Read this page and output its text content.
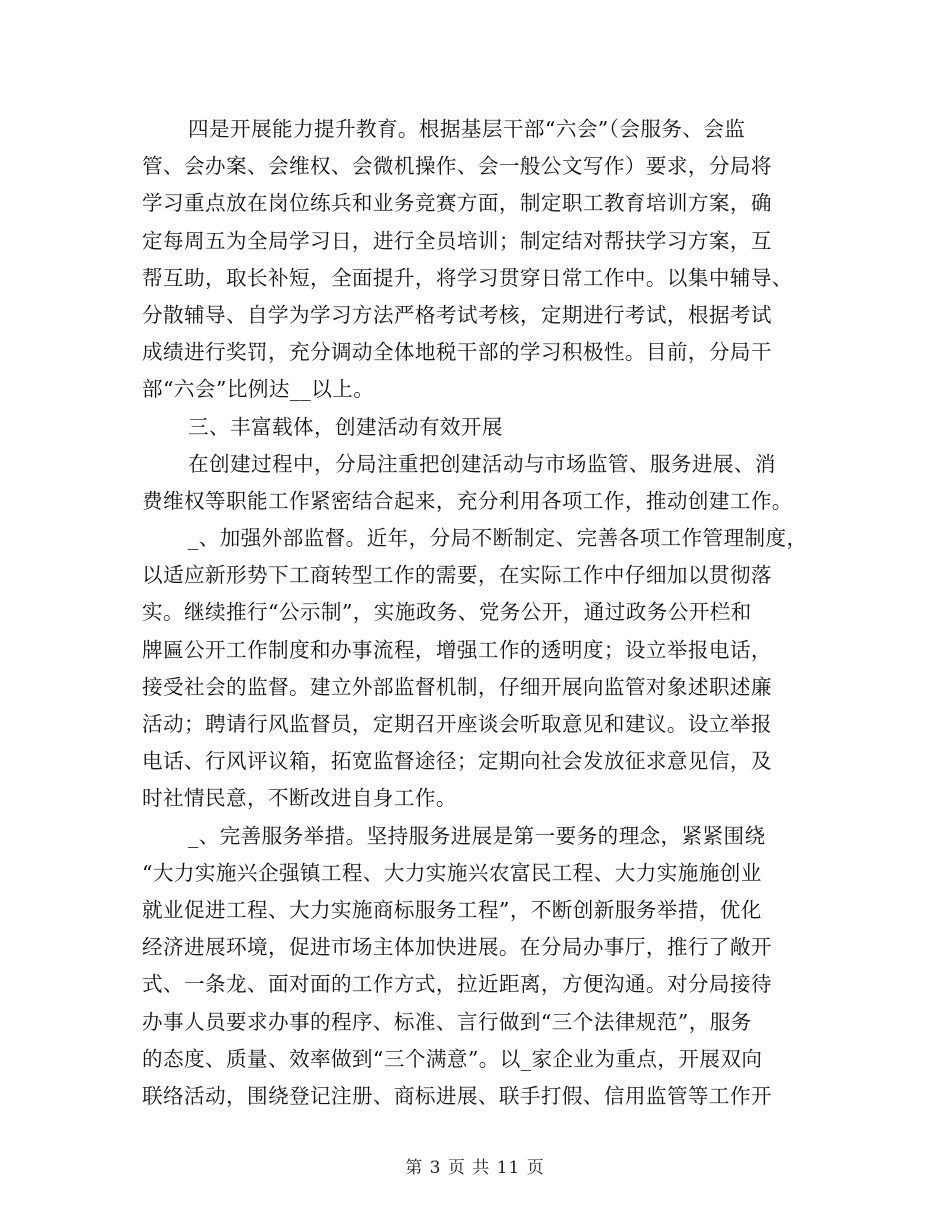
四是开展能力提升教育。根据基层干部“六会”（会服务、会监
管、会办案、会维权、会微机操作、会一般公文写作）要求，分局将
学习重点放在岗位练兵和业务竞赛方面，制定职工教育培训方案，确
定每周五为全局学习日，进行全员培训；制定结对帮扶学习方案，互
帮互助，取长补短，全面提升，将学习贯穿日常工作中。以集中辅导、
分散辅导、自学为学习方法严格考试考核，定期进行考试，根据考试
成绩进行奖罚，充分调动全体地税干部的学习积极性。目前，分局干
部“六会”比例达__以上。
三、丰富载体，创建活动有效开展
在创建过程中，分局注重把创建活动与市场监管、服务进展、消
费维权等职能工作紧密结合起来，充分利用各项工作，推动创建工作。
_、加强外部监督。近年，分局不断制定、完善各项工作管理制度，
以适应新形势下工商转型工作的需要，在实际工作中仔细加以贯彻落
实。继续推行“公示制”，实施政务、党务公开，通过政务公开栏和
牌匾公开工作制度和办事流程，增强工作的透明度；设立举报电话，
接受社会的监督。建立外部监督机制，仔细开展向监管对象述职述廉
活动；聘请行风监督员，定期召开座谈会听取意见和建议。设立举报
电话、行风评议箱，拓宽监督途径；定期向社会发放征求意见信，及
时社情民意，不断改进自身工作。
_、完善服务举措。坚持服务进展是第一要务的理念，紧紧围绕
“大力实施兴企强镇工程、大力实施兴农富民工程、大力实施施创业
就业促进工程、大力实施商标服务工程”，不断创新服务举措，优化
经济进展环境，促进市场主体加快进展。在分局办事厅，推行了敞开
式、一条龙、面对面的工作方式，拉近距离，方便沟通。对分局接待
办事人员要求办事的程序、标准、言行做到“三个法律规范”，服务
的态度、质量、效率做到“三个满意”。以_家企业为重点，开展双向
联络活动，围绕登记注册、商标进展、联手打假、信用监管等工作开
第 3 页 共 11 页
